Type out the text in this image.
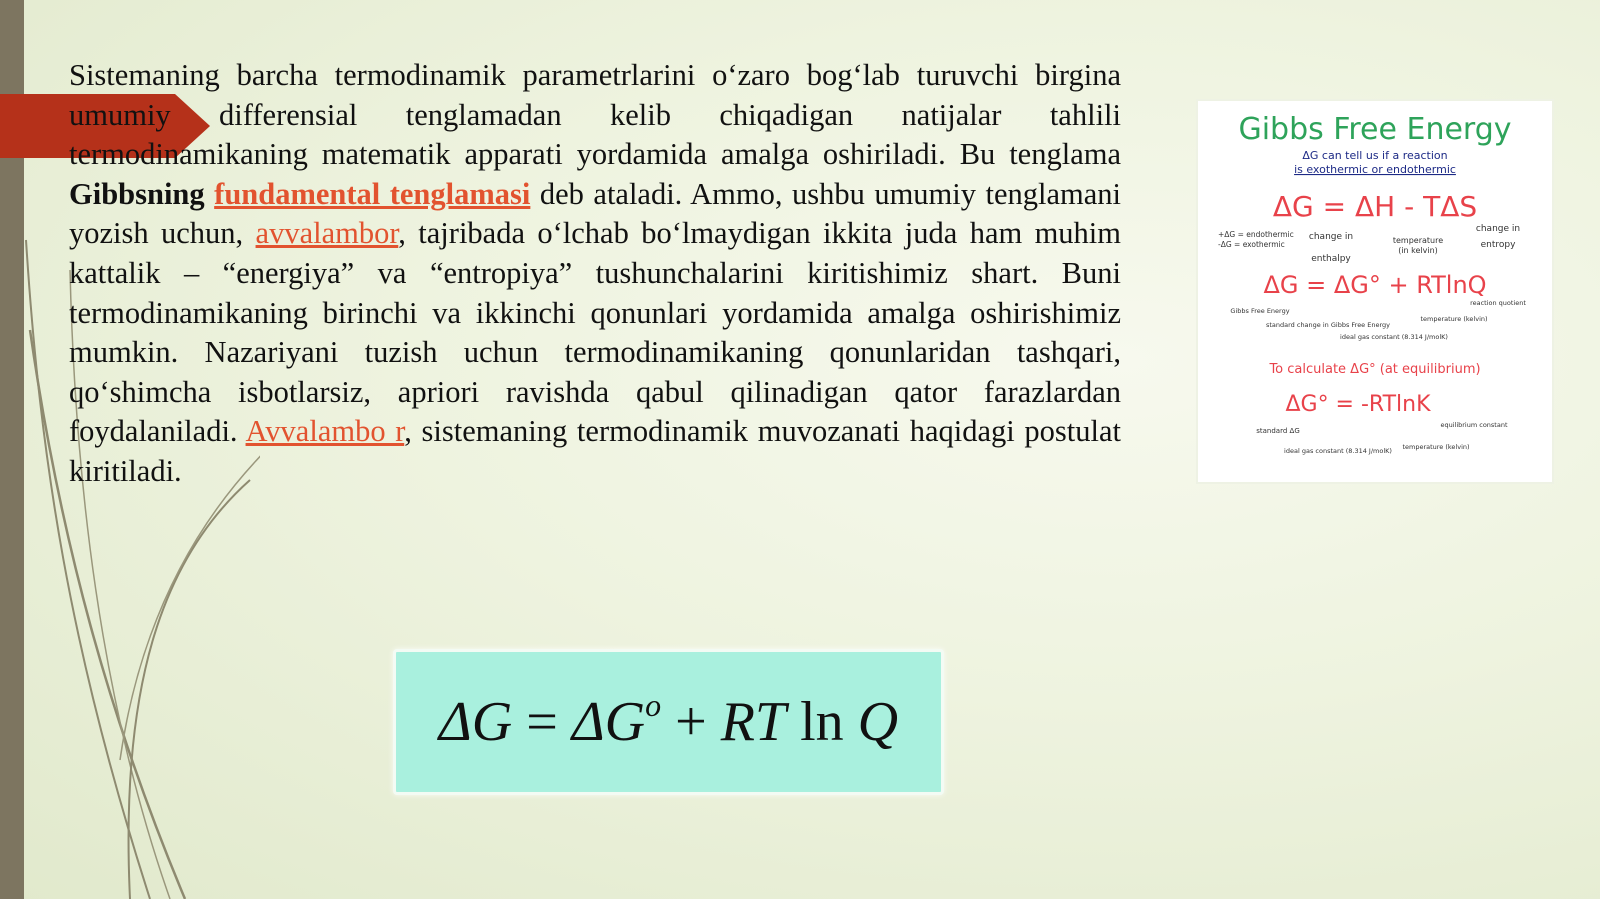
Sistemaning barcha termodinamik parametrlarini oʻzaro bogʻlab turuvchi birgina umumiy differensial tenglamadan kelib chiqadigan natijalar tahlili termodinamikaning matematik apparati yordamida amalga oshiriladi. Bu tenglama Gibbsning fundamental tenglamasi deb ataladi. Ammo, ushbu umumiy tenglamani yozish uchun, avvalambor, tajribada oʻlchab boʻlmaydigan ikkita juda ham muhim kattalik – “energiya” va “entropiya” tushunchalarini kiritishimiz shart. Buni termodinamikaning birinchi va ikkinchi qonunlari yordamida amalga oshirishimiz mumkin. Nazariyani tuzish uchun termodinamikaning qonunlaridan tashqari, qoʻshimcha isbotlarsiz, apriori ravishda qabul qilinadigan qator farazlardan foydalaniladi. Avvalambo r, sistemaning termodinamik muvozanati haqidagi postulat kiritiladi.
$\Delta G = \Delta G^o$ + RT ln Q
Gibbs Free Energy
ΔG can tell us if a reaction
is exothermic or endothermic
ΔG = ΔH - TΔS
+ΔG = endothermic
-ΔG = exothermic
change in
enthalpy
temperature
(in kelvin)
change in
entropy
ΔG = ΔG° + RTlnQ
Gibbs Free Energy
standard change in Gibbs Free Energy
ideal gas constant (8.314 J/molK)
temperature (kelvin)
reaction quotient
To calculate ΔG° (at equilibrium)
ΔG° = -RTlnK
standard ΔG
ideal gas constant (8.314 J/molK) temperature (kelvin)
equilibrium constant
